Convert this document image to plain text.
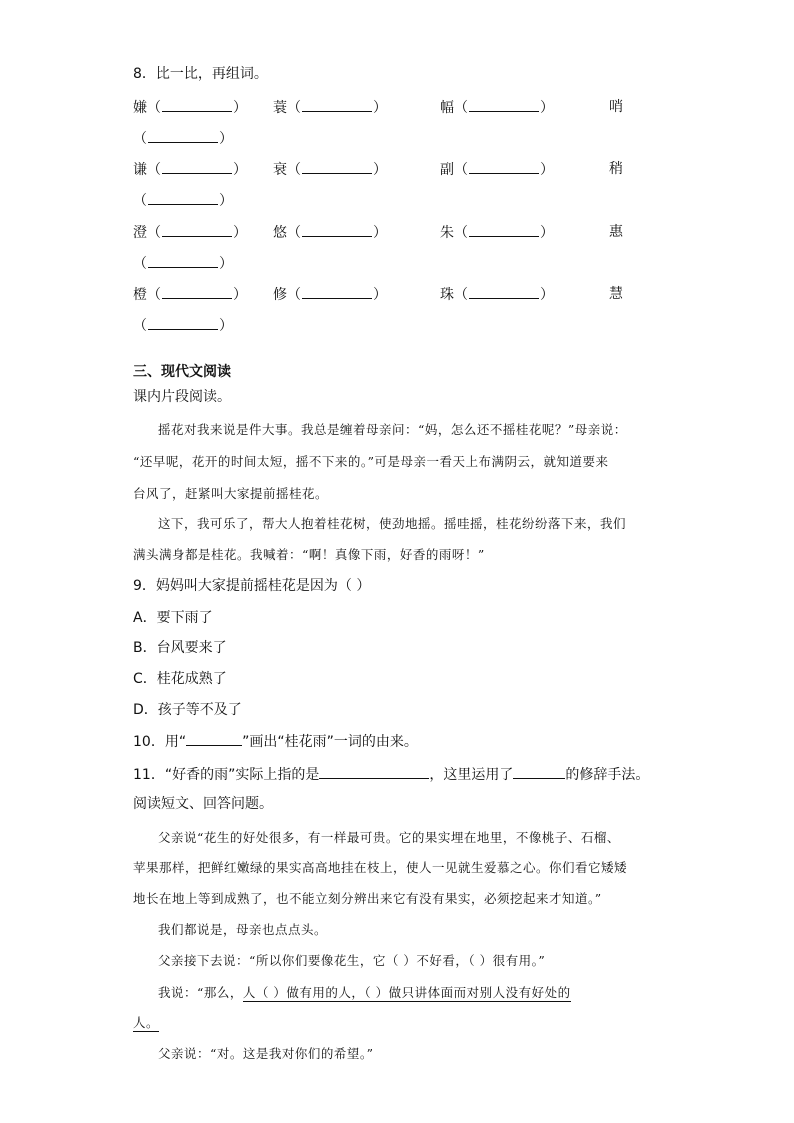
8．比一比，再组词。
嫌（	） 蓑（	）	幅（	）	哨
（	）
谦（	） 衰（	）	副（	）	稍
（	）
澄（	） 悠（	）	朱（	）	惠
（	）
橙（	） 修（	）	珠（	）	慧
（	）
三、现代文阅读
课内片段阅读。
摇花对我来说是件大事。我总是缠着母亲问：“妈，怎么还不摇桂花呢？”母亲说：
“还早呢，花开的时间太短，摇不下来的。”可是母亲一看天上布满阴云，就知道要来
台风了，赶紧叫大家提前摇桂花。
这下，我可乐了，帮大人抱着桂花树，使劲地摇。摇哇摇，桂花纷纷落下来，我们
满头满身都是桂花。我喊着：“啊！真像下雨，好香的雨呀！”
9．妈妈叫大家提前摇桂花是因为（ ）
A．要下雨了
B．台风要来了
C．桂花成熟了
D．孩子等不及了
10．用“	”画出“桂花雨”一词的由来。
11．“好香的雨”实际上指的是	，这里运用了	的修辞手法。
阅读短文、回答问题。
父亲说“花生的好处很多，有一样最可贵。它的果实埋在地里，不像桃子、石榴、
苹果那样，把鲜红嫩绿的果实高高地挂在枝上，使人一见就生爱慕之心。你们看它矮矮
地长在地上等到成熟了，也不能立刻分辨出来它有没有果实，必须挖起来才知道。”
我们都说是，母亲也点点头。
父亲接下去说：“所以你们要像花生，它（ ）不好看，（ ）很有用。”
我说：“那么，人（ ）做有用的人，（ ）做只讲体面而对别人没有好处的
人。
父亲说：“对。这是我对你们的希望。”
